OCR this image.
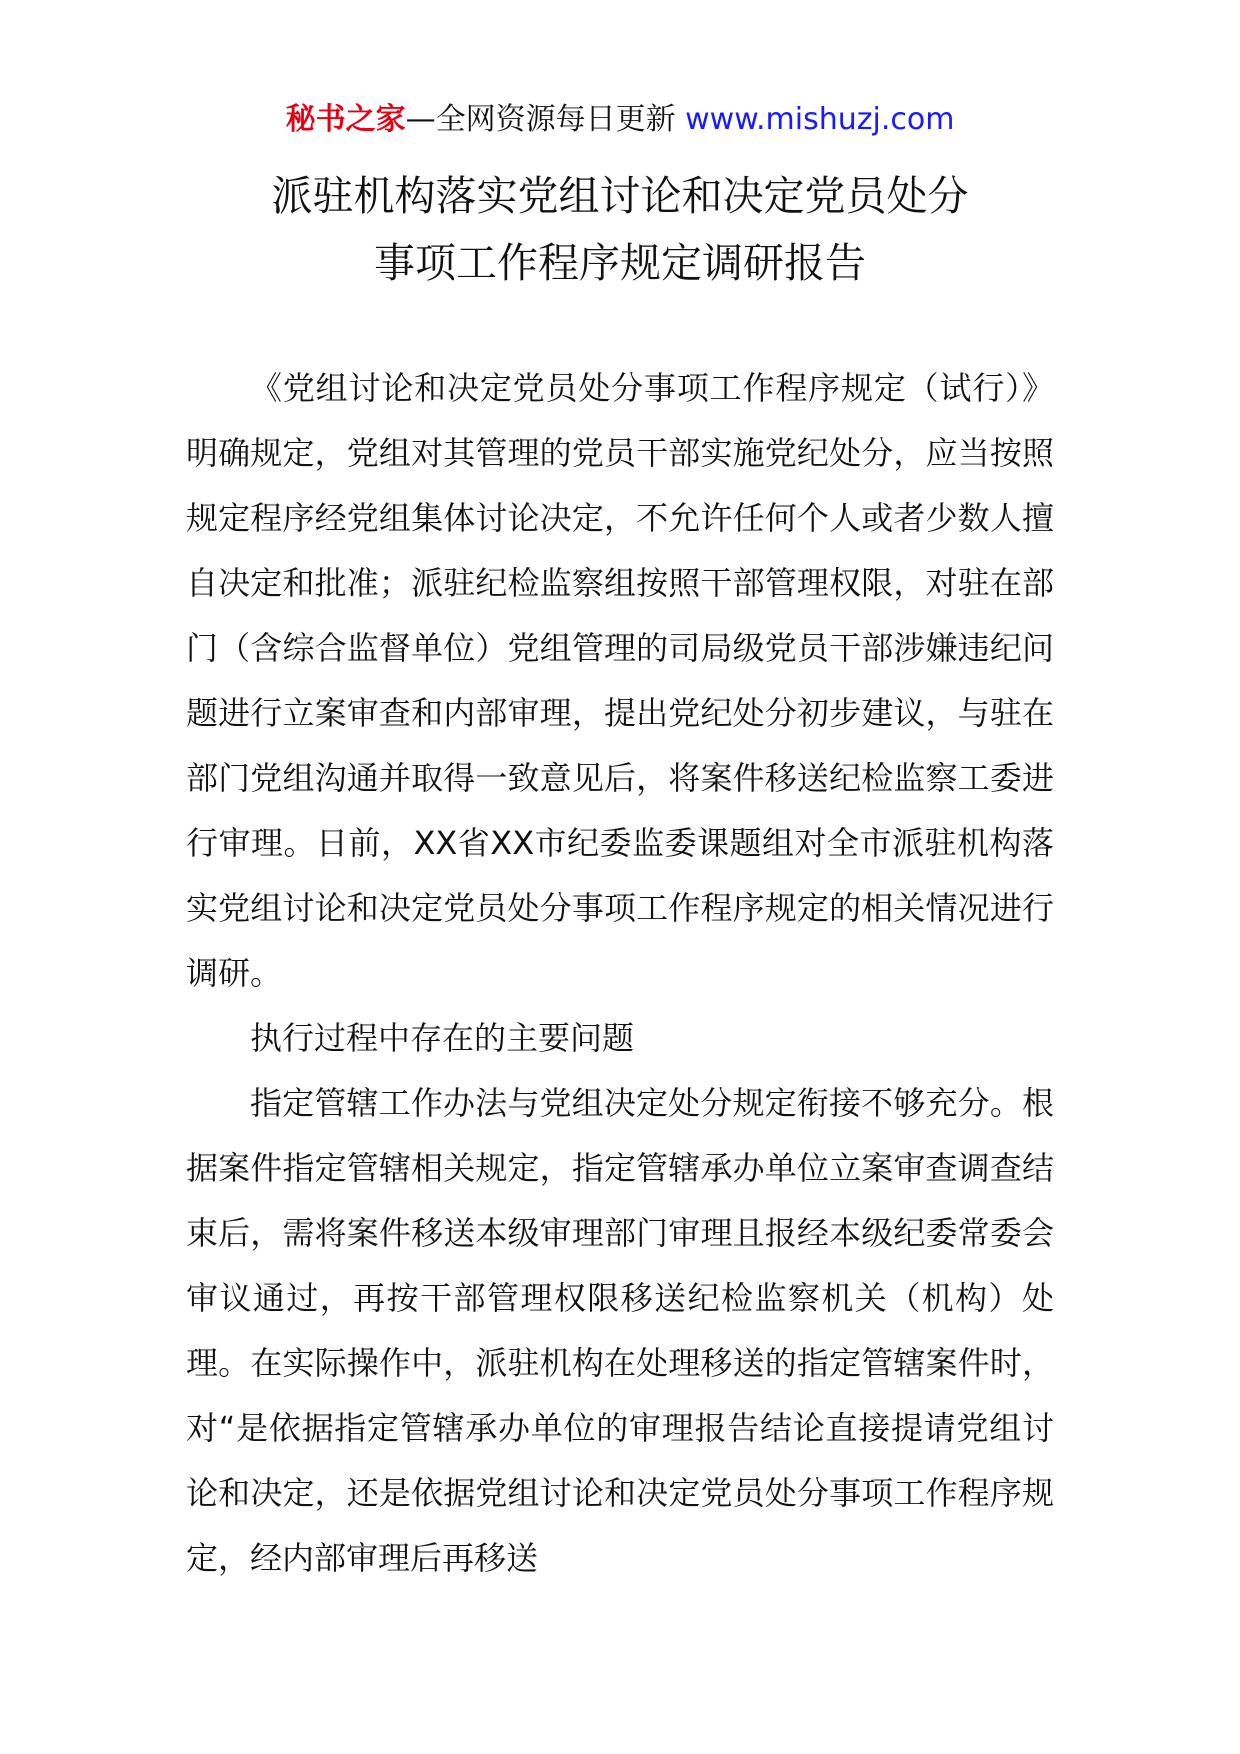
秘书之家—全网资源每日更新 www.mishuzj.com
派驻机构落实党组讨论和决定党员处分
事项工作程序规定调研报告

《党组讨论和决定党员处分事项工作程序规定（试行）》明确规定，党组对其管理的党员干部实施党纪处分，应当按照规定程序经党组集体讨论决定，不允许任何个人或者少数人擅自决定和批准；派驻纪检监察组按照干部管理权限，对驻在部门（含综合监督单位）党组管理的司局级党员干部涉嫌违纪问题进行立案审查和内部审理，提出党纪处分初步建议，与驻在部门党组沟通并取得一致意见后，将案件移送纪检监察工委进行审理。日前，XX省XX市纪委监委课题组对全市派驻机构落实党组讨论和决定党员处分事项工作程序规定的相关情况进行调研。

执行过程中存在的主要问题

指定管辖工作办法与党组决定处分规定衔接不够充分。根据案件指定管辖相关规定，指定管辖承办单位立案审查调查结束后，需将案件移送本级审理部门审理且报经本级纪委常委会审议通过，再按干部管理权限移送纪检监察机关（机构）处理。在实际操作中，派驻机构在处理移送的指定管辖案件时，对“是依据指定管辖承办单位的审理报告结论直接提请党组讨论和决定，还是依据党组讨论和决定党员处分事项工作程序规定，经内部审理后再移送
